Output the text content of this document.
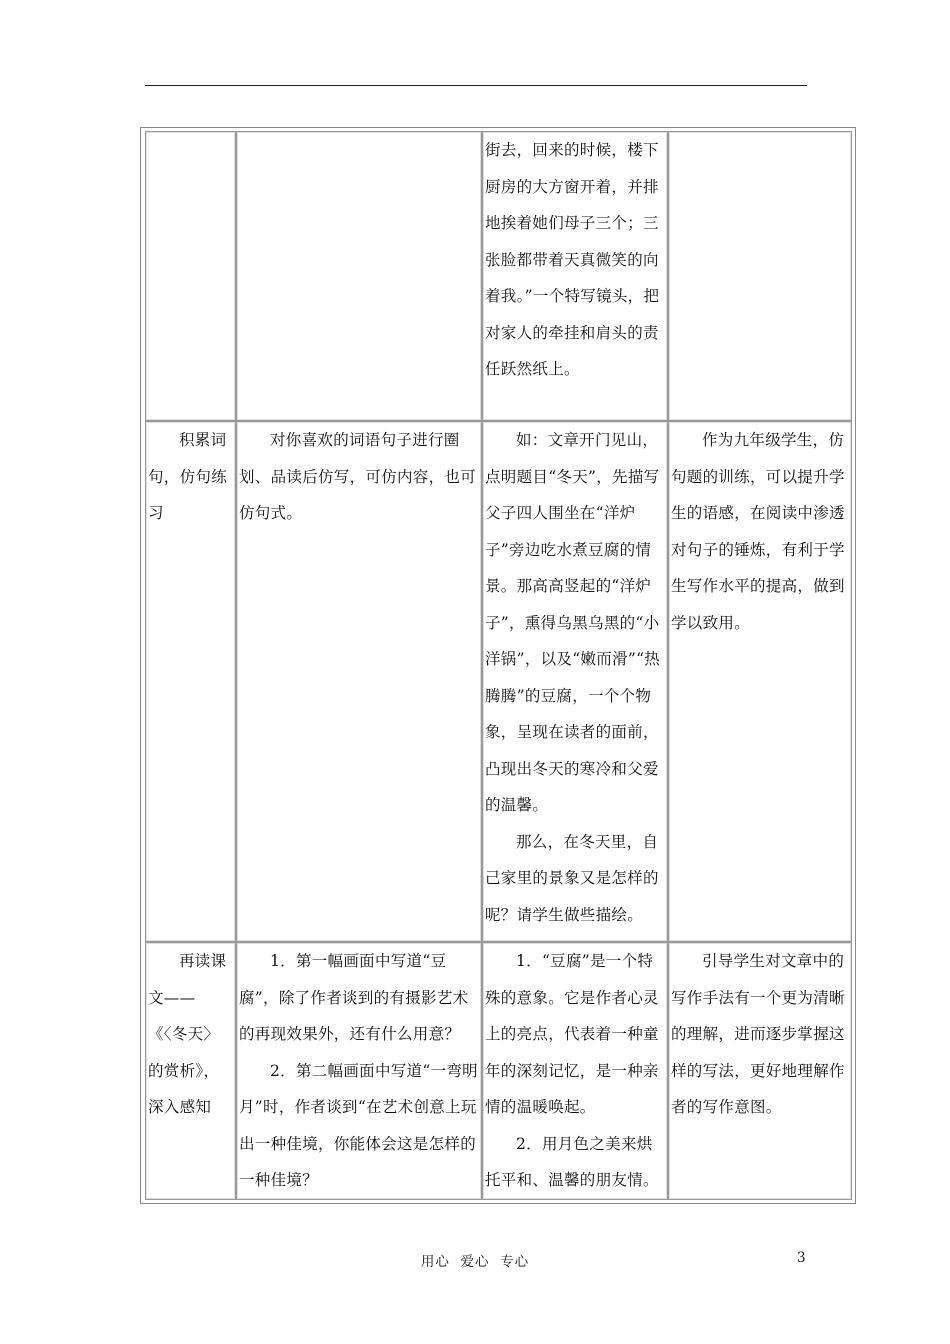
街去，回来的时候，楼下厨房的大方窗开着，并排地挨着她们母子三个；三张脸都带着天真微笑的向着我。”一个特写镜头，把对家人的牵挂和肩头的责任跃然纸上。

积累词句，仿句练习

对你喜欢的词语句子进行圈划、品读后仿写，可仿内容，也可仿句式。

如：文章开门见山，点明题目“冬天”，先描写父子四人围坐在“洋炉子”旁边吃水煮豆腐的情景。那高高竖起的“洋炉子”，熏得乌黑乌黑的“小洋锅”，以及“嫩而滑”“热腾腾”的豆腐，一个个物象，呈现在读者的面前，凸现出冬天的寒冷和父爱的温馨。

那么，在冬天里，自己家里的景象又是怎样的呢？请学生做些描绘。

作为九年级学生，仿句题的训练，可以提升学生的语感，在阅读中渗透对句子的锤炼，有利于学生写作水平的提高，做到学以致用。

再读课文——《〈冬天〉的赏析》，深入感知

1．第一幅画面中写道“豆腐”，除了作者谈到的有摄影艺术的再现效果外，还有什么用意？

2．第二幅画面中写道“一弯明月”时，作者谈到“在艺术创意上玩出一种佳境，你能体会这是怎样的一种佳境？

1．“豆腐”是一个特殊的意象。它是作者心灵上的亮点，代表着一种童年的深刻记忆，是一种亲情的温暖唤起。

2．用月色之美来烘托平和、温馨的朋友情。

引导学生对文章中的写作手法有一个更为清晰的理解，进而逐步掌握这样的写法，更好地理解作者的写作意图。

用心  爱心  专心	3
